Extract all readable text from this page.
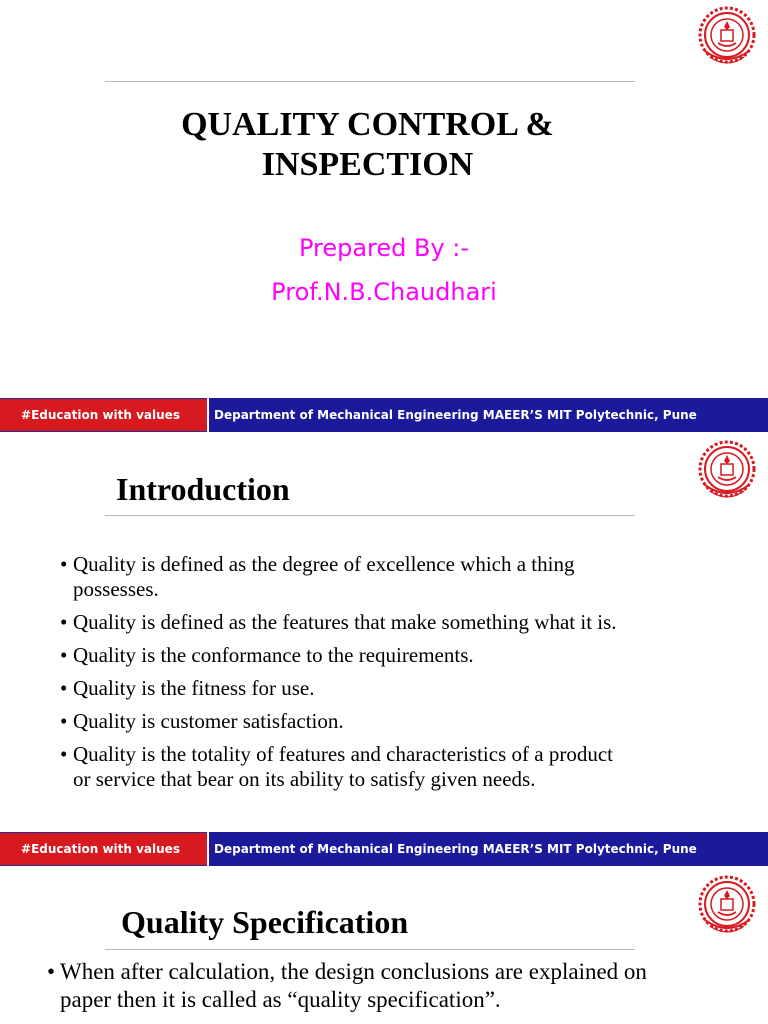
QUALITY CONTROL &
INSPECTION
Prepared By :-
Prof.N.B.Chaudhari
#Education with values	Department of Mechanical Engineering MAEER’S MIT Polytechnic, Pune
Introduction
• Quality is defined as the degree of excellence which a thing
possesses.
• Quality is defined as the features that make something what it is.
• Quality is the conformance to the requirements.
• Quality is the fitness for use.
• Quality is customer satisfaction.
• Quality is the totality of features and characteristics of a product
or service that bear on its ability to satisfy given needs.
#Education with values	Department of Mechanical Engineering MAEER’S MIT Polytechnic, Pune
Quality Specification
• When after calculation, the design conclusions are explained on
paper then it is called as “quality specification”.
